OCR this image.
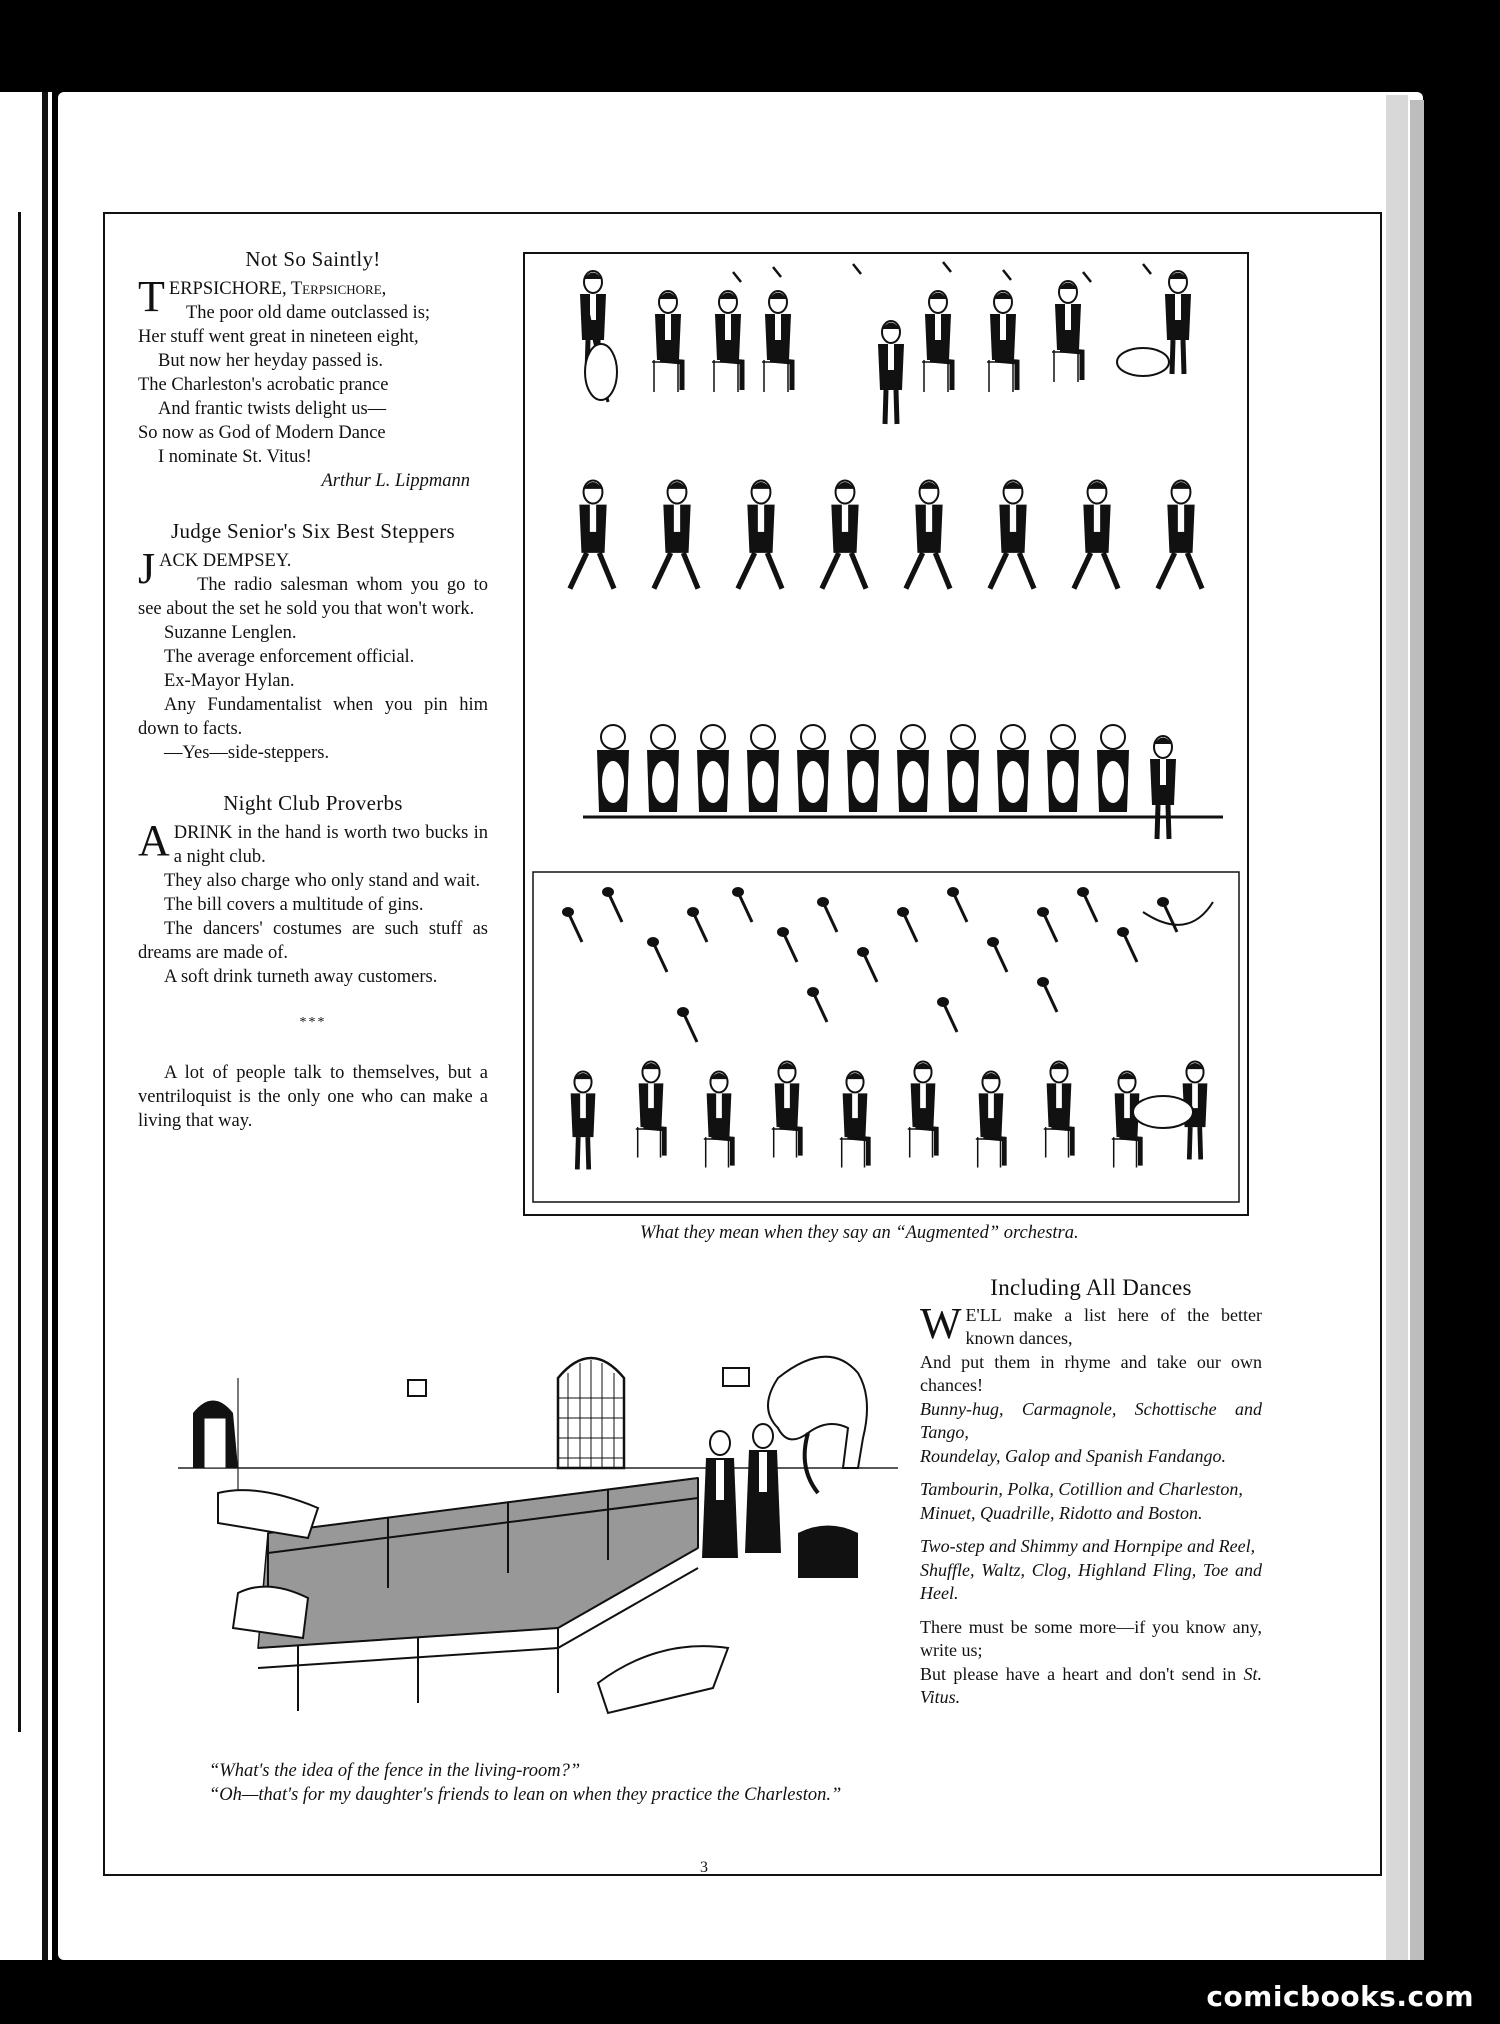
Not So Saintly!

TERPSICHORE, Terpsichore,

The poor old dame outclassed is;

Her stuff went great in nineteen eight,

But now her heyday passed is.

The Charleston's acrobatic prance

And frantic twists delight us—

So now as God of Modern Dance

I nominate St. Vitus!

Arthur L. Lippmann

Judge Senior's Six Best Steppers

JACK DEMPSEY.

The radio salesman whom you go to see about the set he sold you that won't work.

Suzanne Lenglen.

The average enforcement official.

Ex-Mayor Hylan.

Any Fundamentalist when you pin him down to facts.

—Yes—side-steppers.

Night Club Proverbs

ADRINK in the hand is worth two bucks in a night club.

They also charge who only stand and wait.

The bill covers a multitude of gins.

The dancers' costumes are such stuff as dreams are made of.

A soft drink turneth away customers.

***

A lot of people talk to themselves, but a ventriloquist is the only one who can make a living that way.

What they mean when they say an “Augmented” orchestra.
Including All Dances

W E'LL make a list here of the better known dances,

And put them in rhyme and take our own chances!

Bunny-hug, Carmagnole, Schottische and Tango,

Roundelay, Galop and Spanish Fandango.

Tambourin, Polka, Cotillion and Charleston,

Minuet, Quadrille, Ridotto and Boston.

Two-step and Shimmy and Hornpipe and Reel,

Shuffle, Waltz, Clog, Highland Fling, Toe and Heel.

There must be some more—if you know any, write us;

But please have a heart and don't send in St. Vitus.

“What's the idea of the fence in the living-room?”
“Oh—that's for my daughter's friends to lean on when they practice the Charleston.”
3
comicbooks.com
